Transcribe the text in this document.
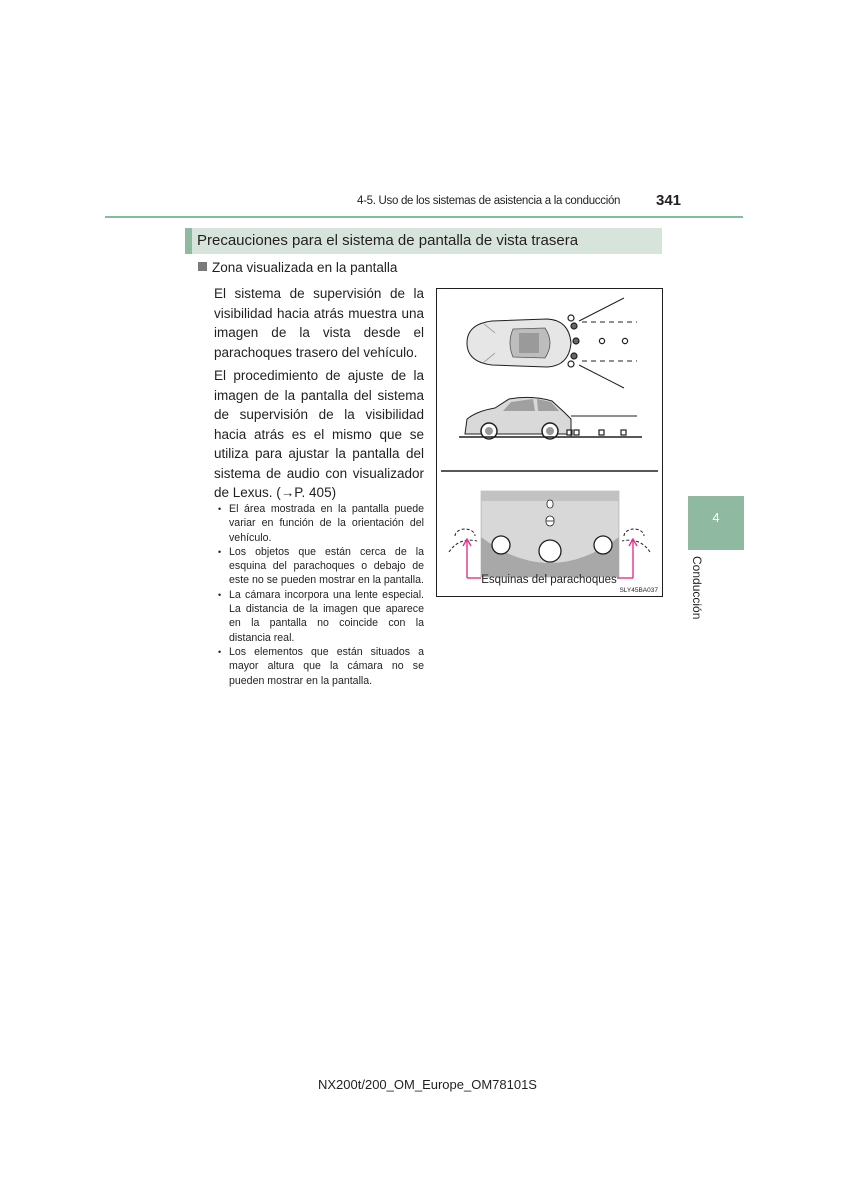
4-5. Uso de los sistemas de asistencia a la conducción 341
Precauciones para el sistema de pantalla de vista trasera
Zona visualizada en la pantalla
El sistema de supervisión de la visibilidad hacia atrás muestra una imagen de la vista desde el parachoques trasero del vehículo.
El procedimiento de ajuste de la imagen de la pantalla del sistema de supervisión de la visibilidad hacia atrás es el mismo que se utiliza para ajustar la pantalla del sistema de audio con visualizador de Lexus. (→P. 405)
• El área mostrada en la pantalla puede variar en función de la orientación del vehículo.
• Los objetos que están cerca de la esquina del parachoques o debajo de este no se pueden mostrar en la pantalla.
• La cámara incorpora una lente especial. La distancia de la imagen que aparece en la pantalla no coincide con la distancia real.
• Los elementos que están situados a mayor altura que la cámara no se pueden mostrar en la pantalla.
Esquinas del parachoques
SLY45BA037
4
Conducción
NX200t/200_OM_Europe_OM78101S
